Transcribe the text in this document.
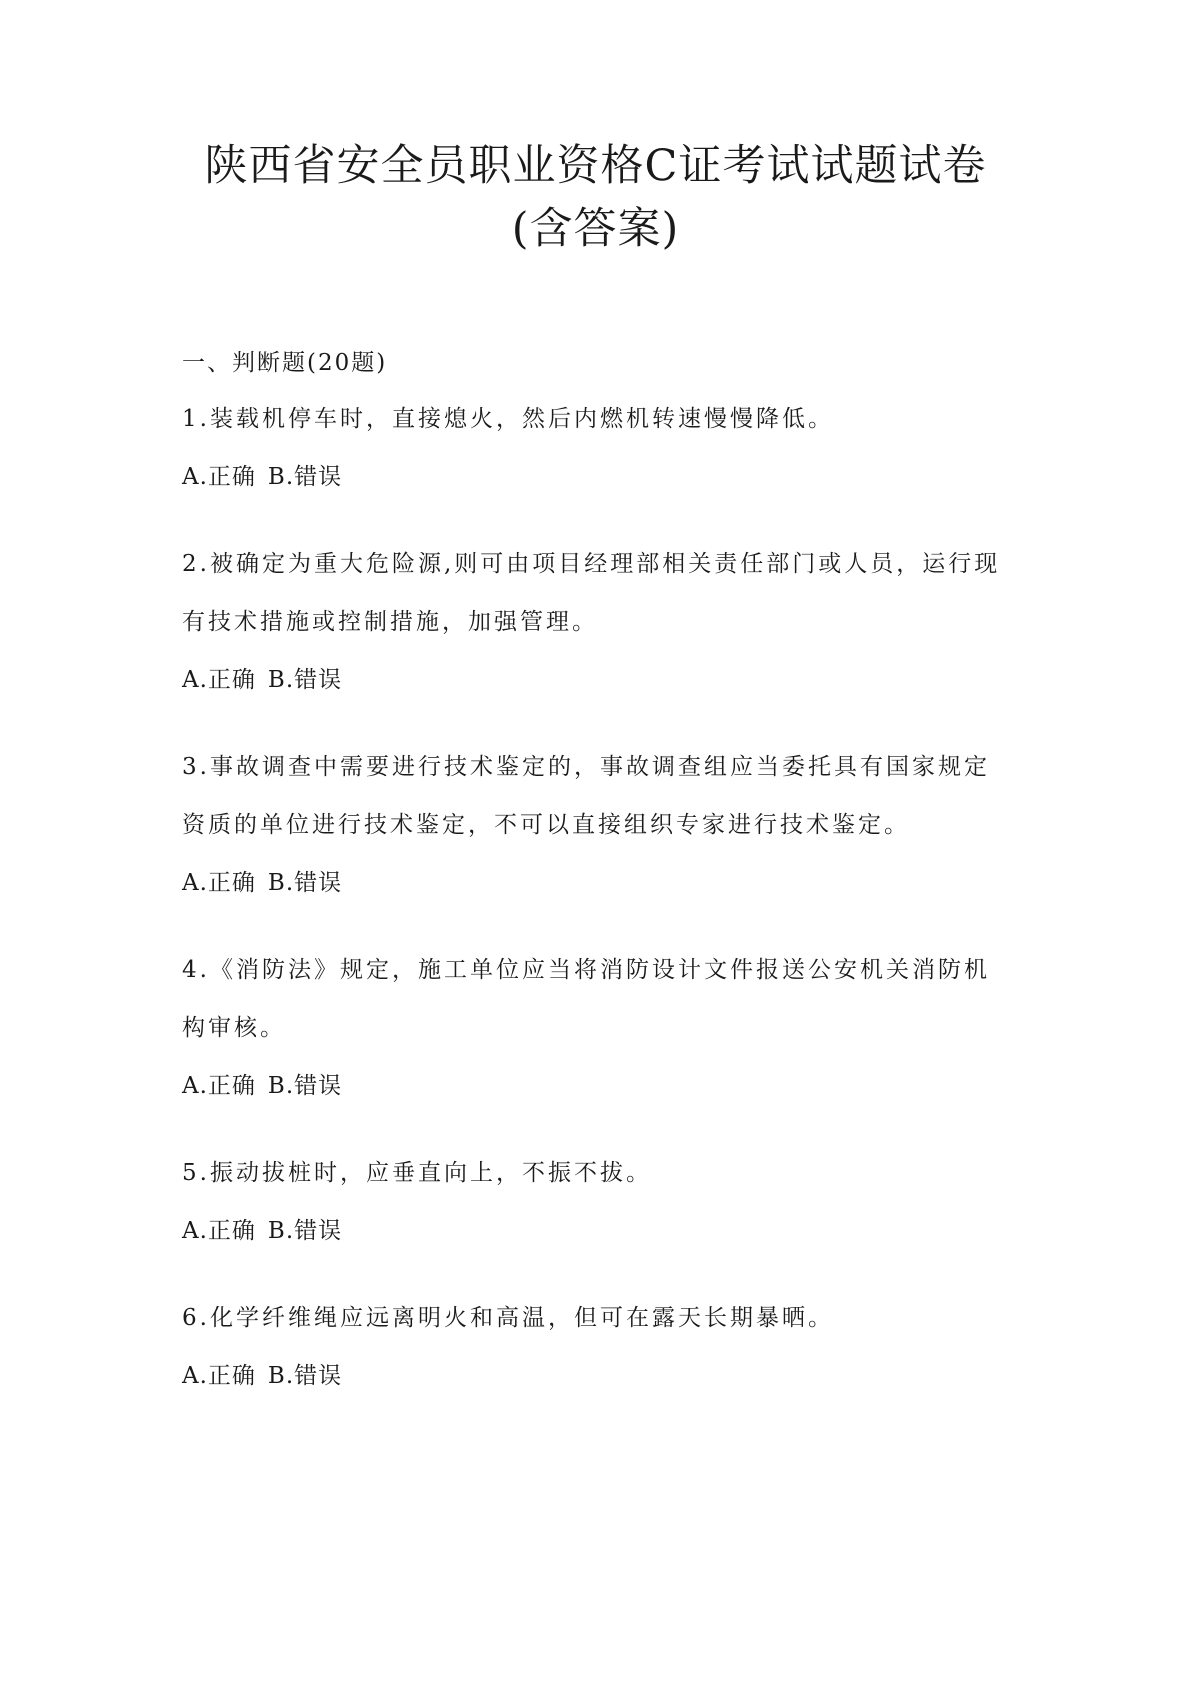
陕西省安全员职业资格C证考试试题试卷
(含答案)

一、判断题(20题)

1.装载机停车时，直接熄火，然后内燃机转速慢慢降低。

A.正确 B.错误

2.被确定为重大危险源,则可由项目经理部相关责任部门或人员，运行现

有技术措施或控制措施，加强管理。

A.正确 B.错误

3.事故调查中需要进行技术鉴定的，事故调查组应当委托具有国家规定

资质的单位进行技术鉴定，不可以直接组织专家进行技术鉴定。

A.正确 B.错误

4.《消防法》规定，施工单位应当将消防设计文件报送公安机关消防机

构审核。

A.正确 B.错误

5.振动拔桩时，应垂直向上，不振不拔。

A.正确 B.错误

6.化学纤维绳应远离明火和高温，但可在露天长期暴晒。

A.正确 B.错误
